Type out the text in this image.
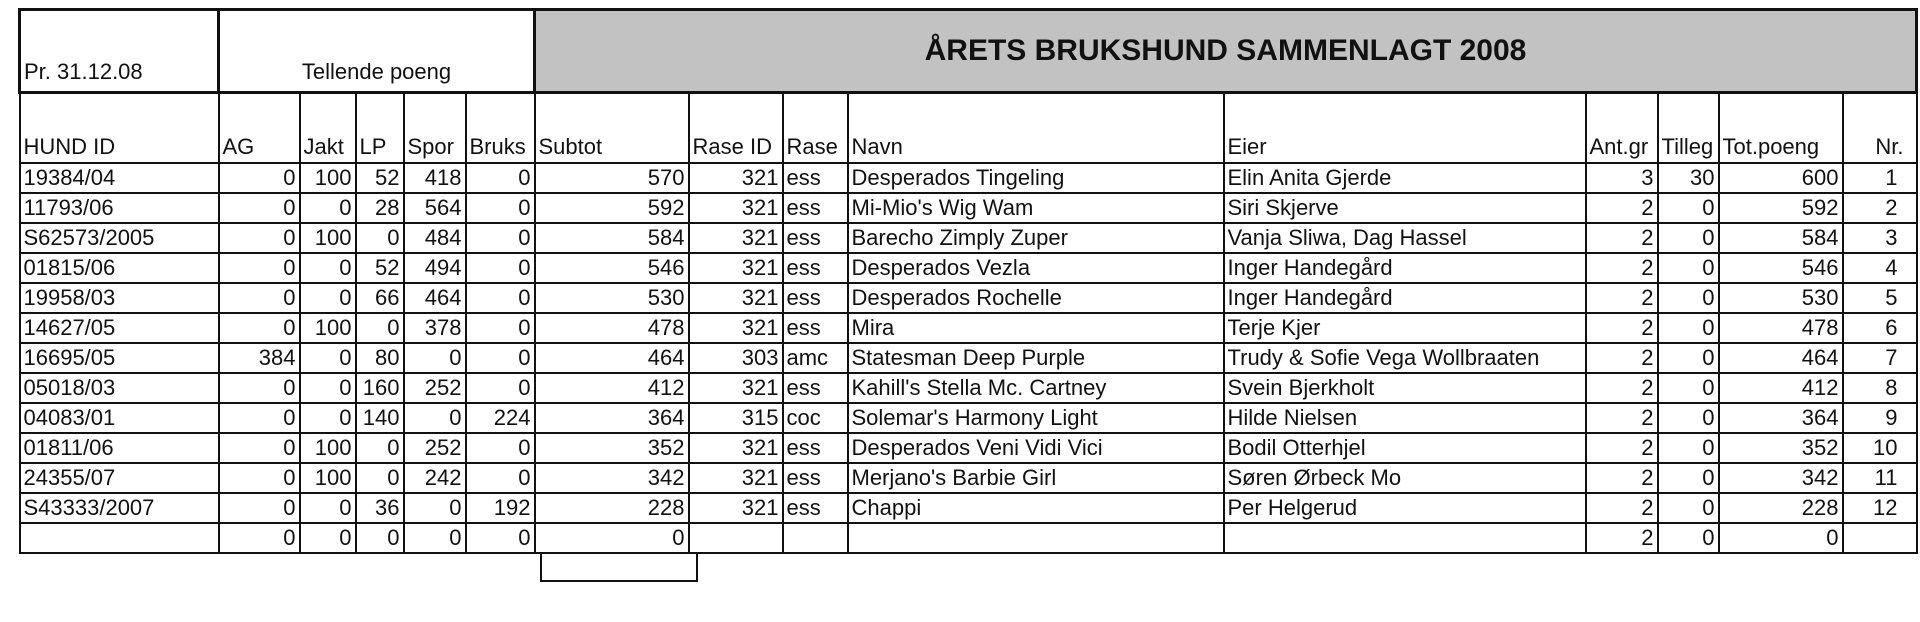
Pr. 31.12.08	Tellende poeng					ÅRETS BRUKSHUND SAMMENLAGT 2008								
HUND ID	AG	Jakt	LP	Spor	Bruks	Subtot	Rase ID	Rase	Navn	Eier	Ant.gr	Tilleg	Tot.poeng	Nr.
19384/04	0	100	52	418	0	570	321	ess	Desperados Tingeling	Elin Anita Gjerde	3	30	600	1
11793/06	0	0	28	564	0	592	321	ess	Mi-Mio's Wig Wam	Siri Skjerve	2	0	592	2
S62573/2005	0	100	0	484	0	584	321	ess	Barecho Zimply Zuper	Vanja Sliwa, Dag Hassel	2	0	584	3
01815/06	0	0	52	494	0	546	321	ess	Desperados Vezla	Inger Handegård	2	0	546	4
19958/03	0	0	66	464	0	530	321	ess	Desperados Rochelle	Inger Handegård	2	0	530	5
14627/05	0	100	0	378	0	478	321	ess	Mira	Terje Kjer	2	0	478	6
16695/05	384	0	80	0	0	464	303	amc	Statesman Deep Purple	Trudy & Sofie Vega Wollbraaten	2	0	464	7
05018/03	0	0	160	252	0	412	321	ess	Kahill's Stella Mc. Cartney	Svein Bjerkholt	2	0	412	8
04083/01	0	0	140	0	224	364	315	coc	Solemar's Harmony Light	Hilde Nielsen	2	0	364	9
01811/06	0	100	0	252	0	352	321	ess	Desperados Veni Vidi Vici	Bodil Otterhjel	2	0	352	10
24355/07	0	100	0	242	0	342	321	ess	Merjano's Barbie Girl	Søren Ørbeck Mo	2	0	342	11
S43333/2007	0	0	36	0	192	228	321	ess	Chappi	Per Helgerud	2	0	228	12
	0	0	0	0	0	0					2	0	0	
